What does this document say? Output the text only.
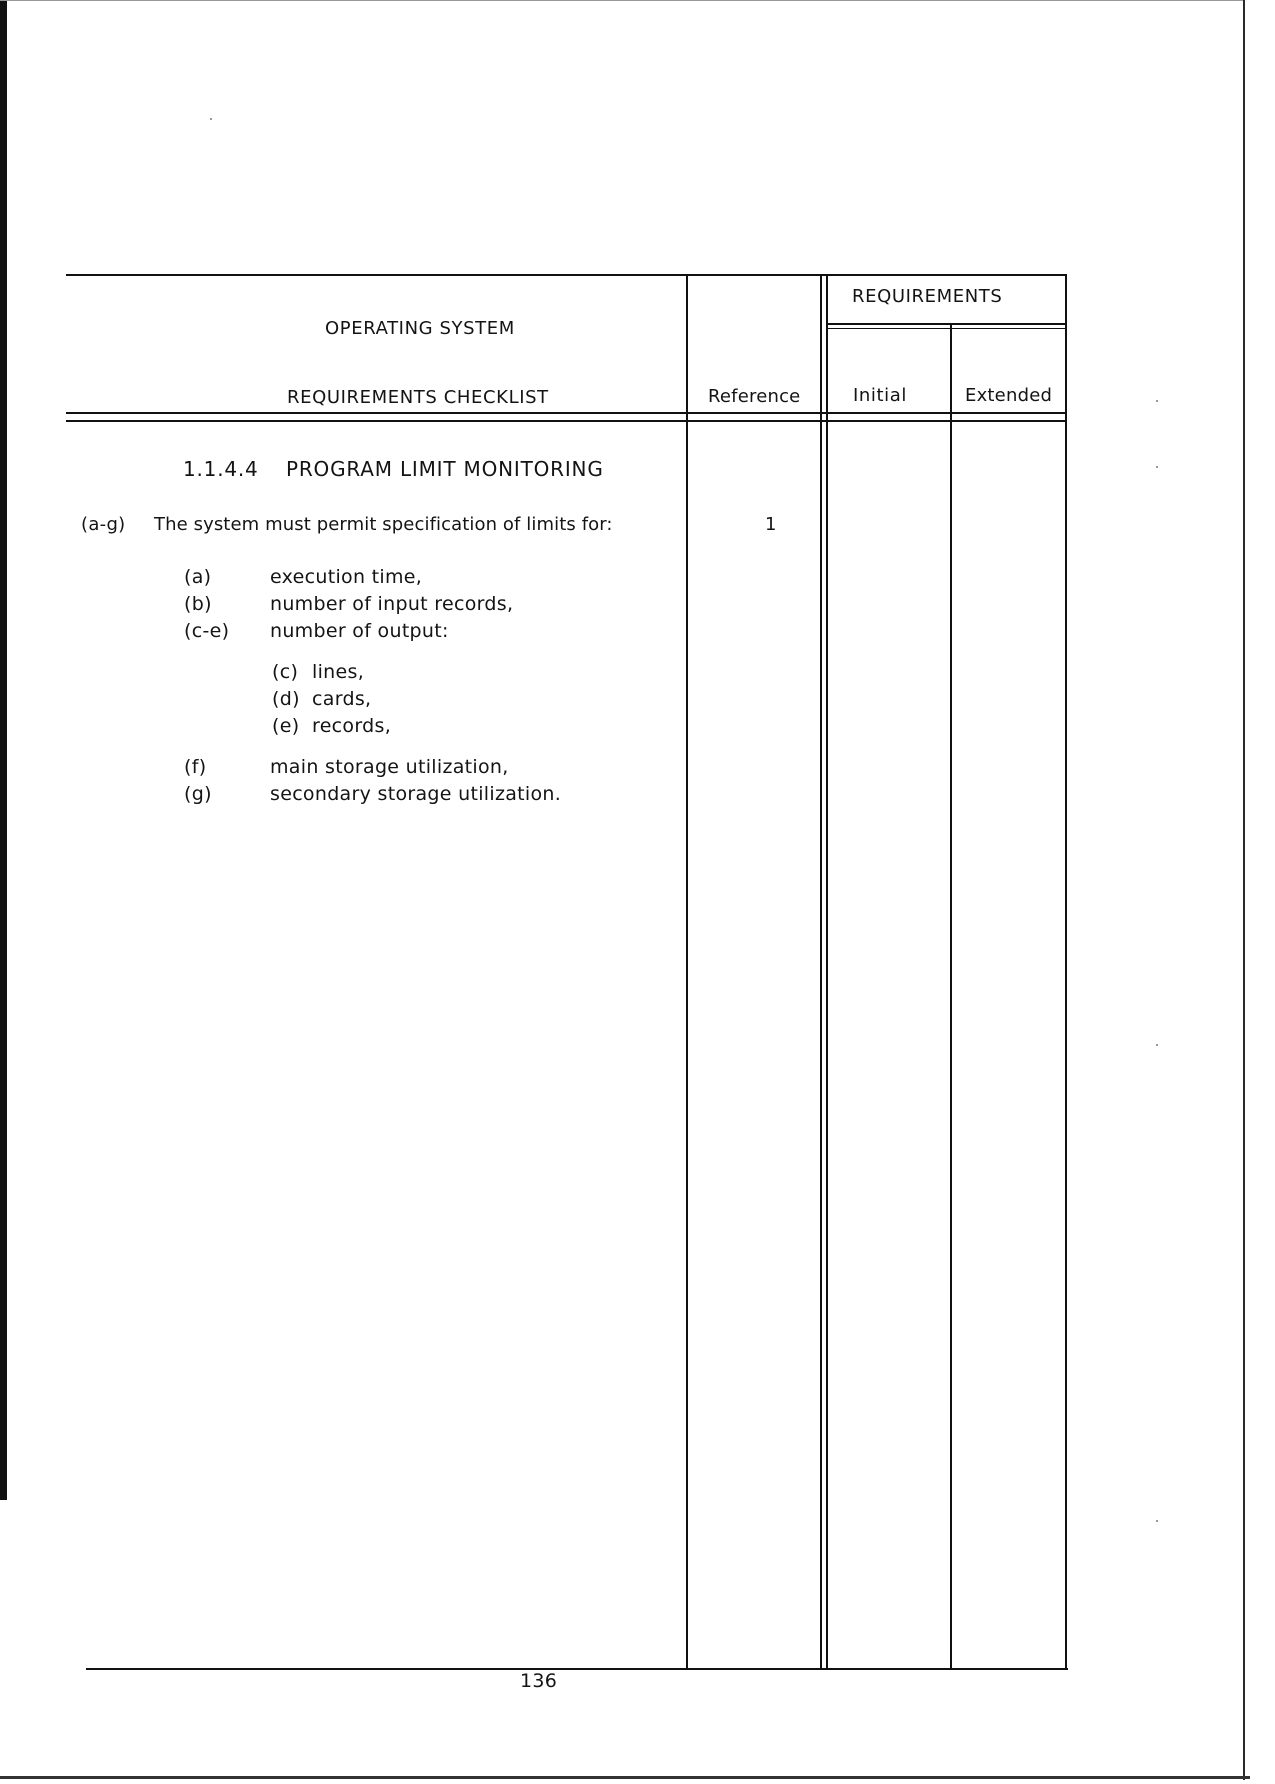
OPERATING SYSTEM
REQUIREMENTS CHECKLIST	Reference
REQUIREMENTS
Initial	Extended
1.1.4.4 PROGRAM LIMIT MONITORING
(a-g) The system must permit specification of limits for:	1
(a)	execution time,
(b)	number of input records,
(c-e) number of output:
(c) lines,
(d) cards,
(e) records,
(f)	main storage utilization,
(g)	secondary storage utilization.
136
